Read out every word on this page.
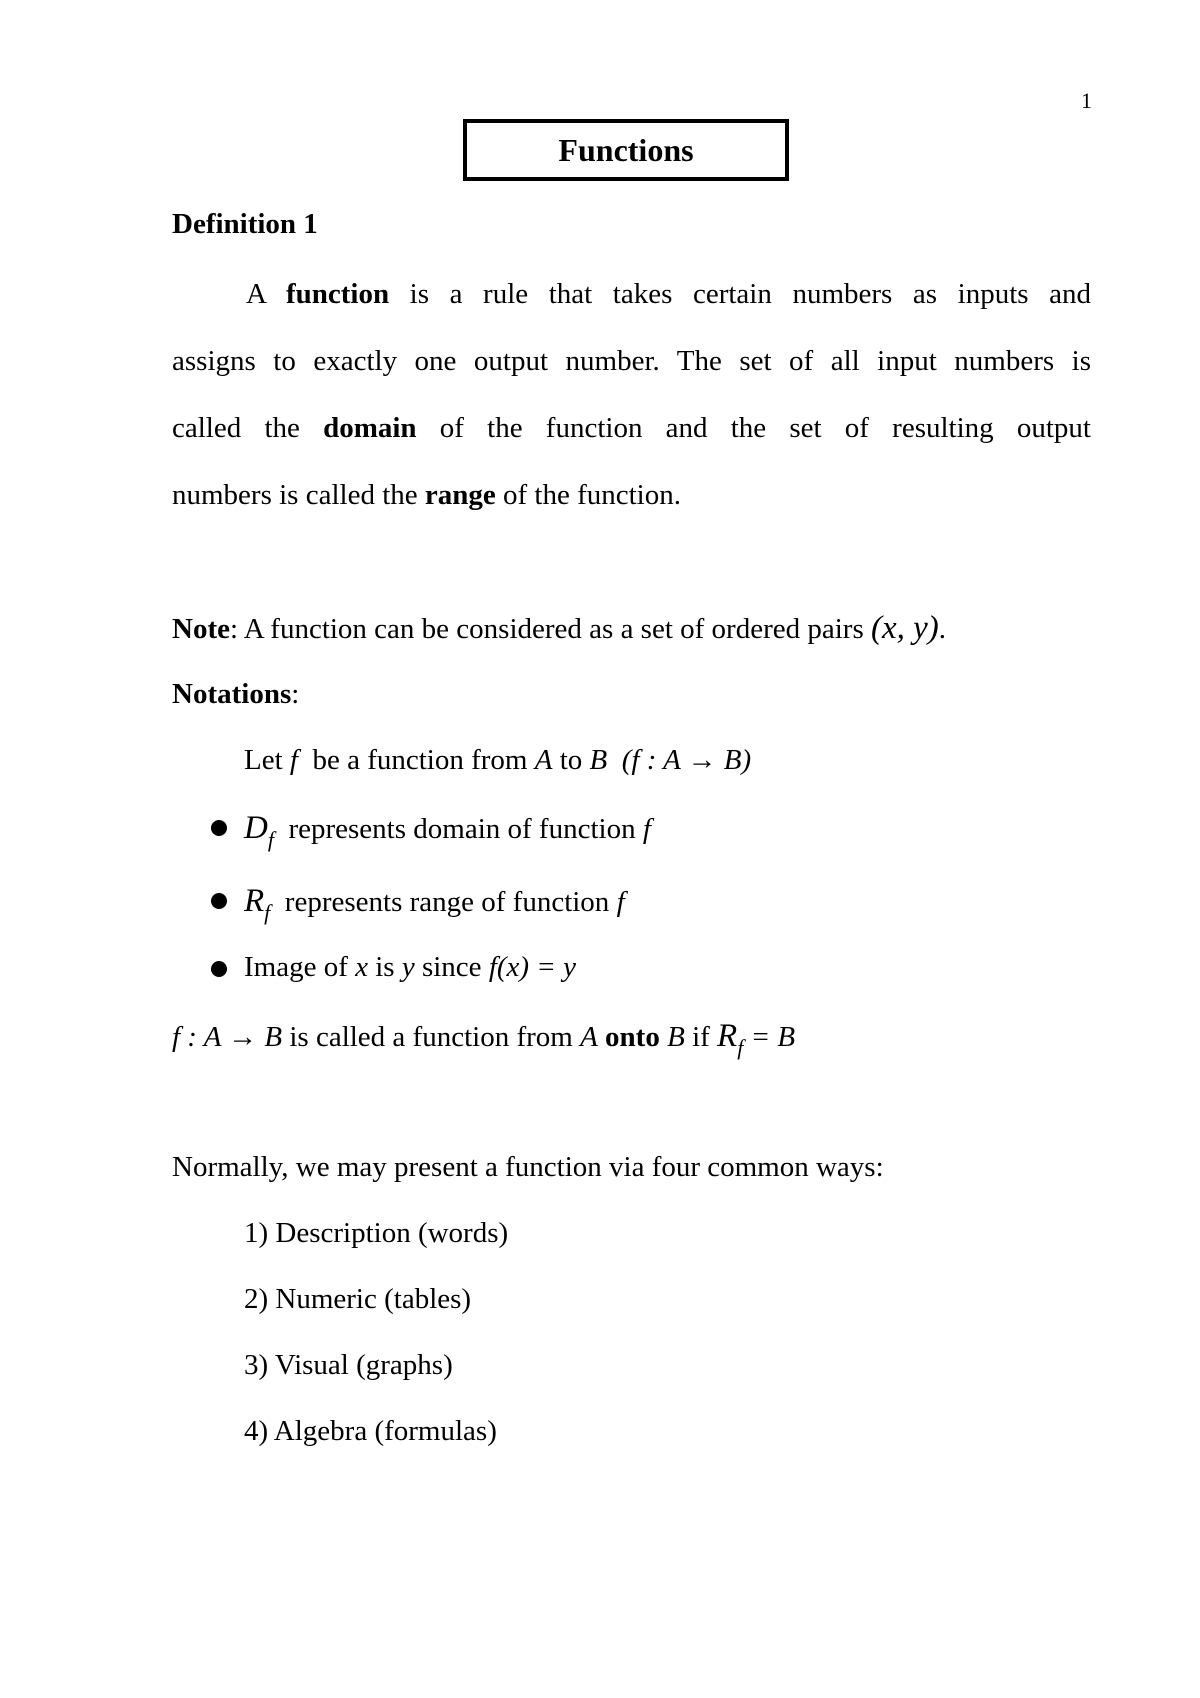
1
Functions
Definition 1
A function is a rule that takes certain numbers as inputs and
assigns to exactly one output number. The set of all input numbers is
called the domain of the function and the set of resulting output
numbers is called the range of the function.
Note: A function can be considered as a set of ordered pairs (x, y).
Notations:
Let f be a function from A to B (f : A → B)
$D_f$ represents domain of function f
$R_f$ represents range of function f
Image of x is y since f(x) = y
f : A → B is called a function from A onto B if $R_f = B$
Normally, we may present a function via four common ways:
1) Description (words)
2) Numeric (tables)
3) Visual (graphs)
4) Algebra (formulas)
